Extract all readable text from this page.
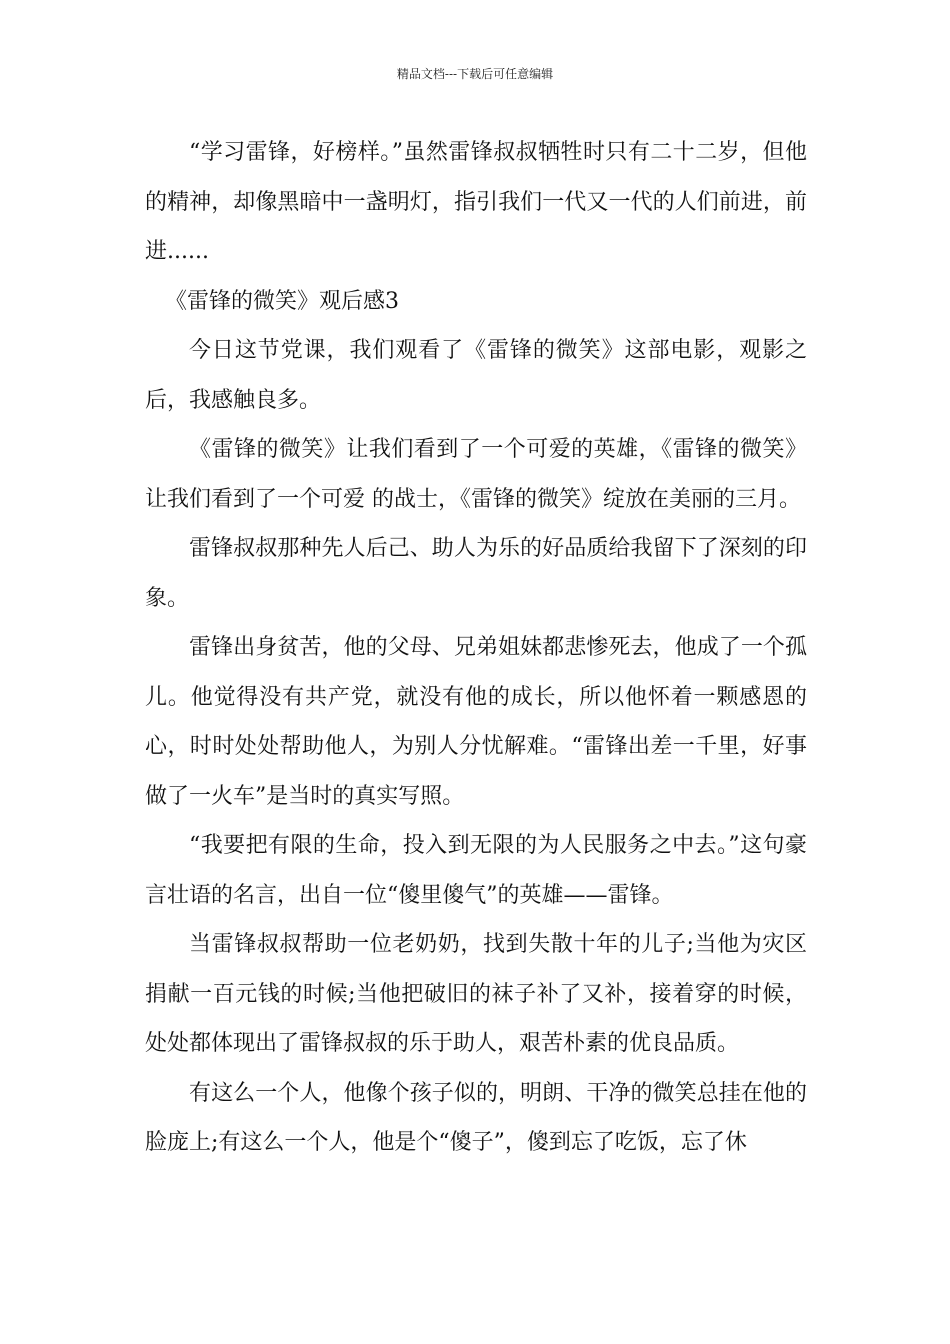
精品文档---下载后可任意编辑

“学习雷锋，好榜样。”虽然雷锋叔叔牺牲时只有二十二岁，但他的精神，却像黑暗中一盏明灯，指引我们一代又一代的人们前进，前进......

《雷锋的微笑》观后感3

今日这节党课，我们观看了《雷锋的微笑》这部电影，观影之后，我感触良多。

《雷锋的微笑》让我们看到了一个可爱的英雄，《雷锋的微笑》让我们看到了一个可爱 的战士，《雷锋的微笑》绽放在美丽的三月。

雷锋叔叔那种先人后己、助人为乐的好品质给我留下了深刻的印象。

雷锋出身贫苦，他的父母、兄弟姐妹都悲惨死去，他成了一个孤儿。他觉得没有共产党，就没有他的成长，所以他怀着一颗感恩的心，时时处处帮助他人，为别人分忧解难。“雷锋出差一千里，好事做了一火车”是当时的真实写照。

“我要把有限的生命，投入到无限的为人民服务之中去。”这句豪言壮语的名言，出自一位“傻里傻气”的英雄——雷锋。

当雷锋叔叔帮助一位老奶奶，找到失散十年的儿子;当他为灾区捐献一百元钱的时候;当他把破旧的袜子补了又补，接着穿的时候，处处都体现出了雷锋叔叔的乐于助人，艰苦朴素的优良品质。

有这么一个人，他像个孩子似的，明朗、干净的微笑总挂在他的脸庞上;有这么一个人，他是个“傻子”，傻到忘了吃饭，忘了休
